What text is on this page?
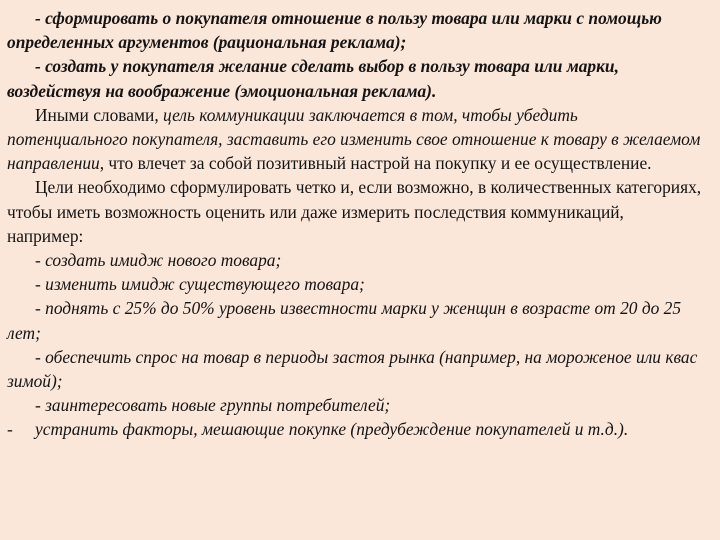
- сформировать о покупателя отношение в пользу товара или марки с помощью определенных аргументов (рациональная реклама);

- создать у покупателя желание сделать выбор в пользу товара или марки, воздействуя на воображение (эмоциональная реклама).

Иными словами, цель коммуникации заключается в том, чтобы убедить потенциального покупателя, заставить его изменить свое отношение к товару в желаемом направлении, что влечет за собой позитивный настрой на покупку и ее осуществление.

Цели необходимо сформулировать четко и, если возможно, в количественных категориях, чтобы иметь возможность оценить или даже измерить последствия коммуникаций, например:

- создать имидж нового товара;

- изменить имидж существующего товара;

- поднять с 25% до 50% уровень известности марки у женщин в возрасте от 20 до 25 лет;

- обеспечить спрос на товар в периоды застоя рынка (например, на мороженое или квас зимой);

- заинтересовать новые группы потребителей;

- устранить факторы, мешающие покупке (предубеждение покупателей и т.д.).
